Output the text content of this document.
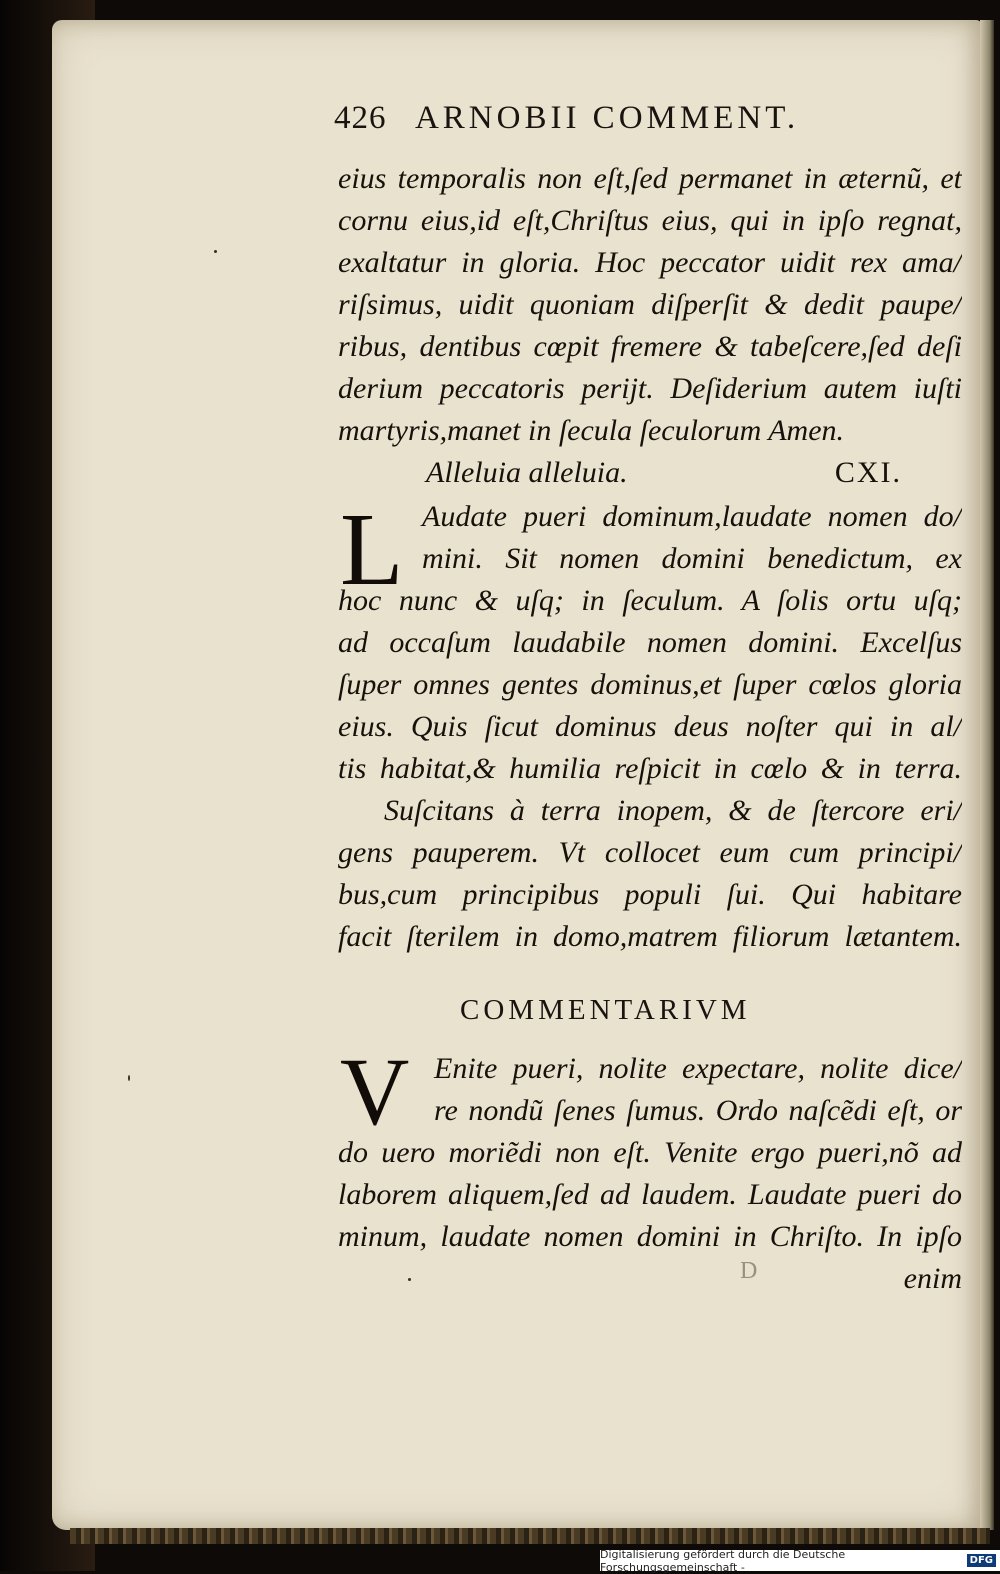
426 ARNOBII COMMENT.
eius temporalis non eſt,ſed permanet in æternũ, et
cornu eius,id eſt,Chriſtus eius, qui in ipſo regnat,
exaltatur in gloria. Hoc peccator uidit rex ama/
riſsimus, uidit quoniam diſperſit & dedit paupe/
ribus, dentibus cœpit fremere & tabeſcere,ſed deſi
derium peccatoris periјt. Deſiderium autem iuſti
martyris,manet in ſecula ſeculorum Amen.
Alleluia alleluia.	CXI.
L Audate pueri dominum,laudate nomen do/
mini. Sit nomen domini benedictum, ex
hoc nunc & uſq; in ſeculum. A ſolis ortu uſq;
ad occaſum laudabile nomen domini. Excelſus
ſuper omnes gentes dominus,et ſuper cœlos gloria
eius. Quis ſicut dominus deus noſter qui in al/
tis habitat,& humilia reſpicit in cœlo & in terra.
Suſcitans à terra inopem, & de ſtercore eri/
gens pauperem. Vt collocet eum cum principi/
bus,cum principibus populi ſui. Qui habitare
facit ſterilem in domo,matrem filiorum lætantem.
COMMENTARIVM
V Enite pueri, nolite expectare, nolite dice/
re nondũ ſenes ſumus. Ordo naſcẽdi eſt, or
do uero moriẽdi non eſt. Venite ergo pueri,nõ ad
laborem aliquem,ſed ad laudem. Laudate pueri do
minum, laudate nomen domini in Chriſto. In ipſo
enim
D
Digitalisierung gefördert durch die Deutsche Forschungsgemeinschaft -	DFG
